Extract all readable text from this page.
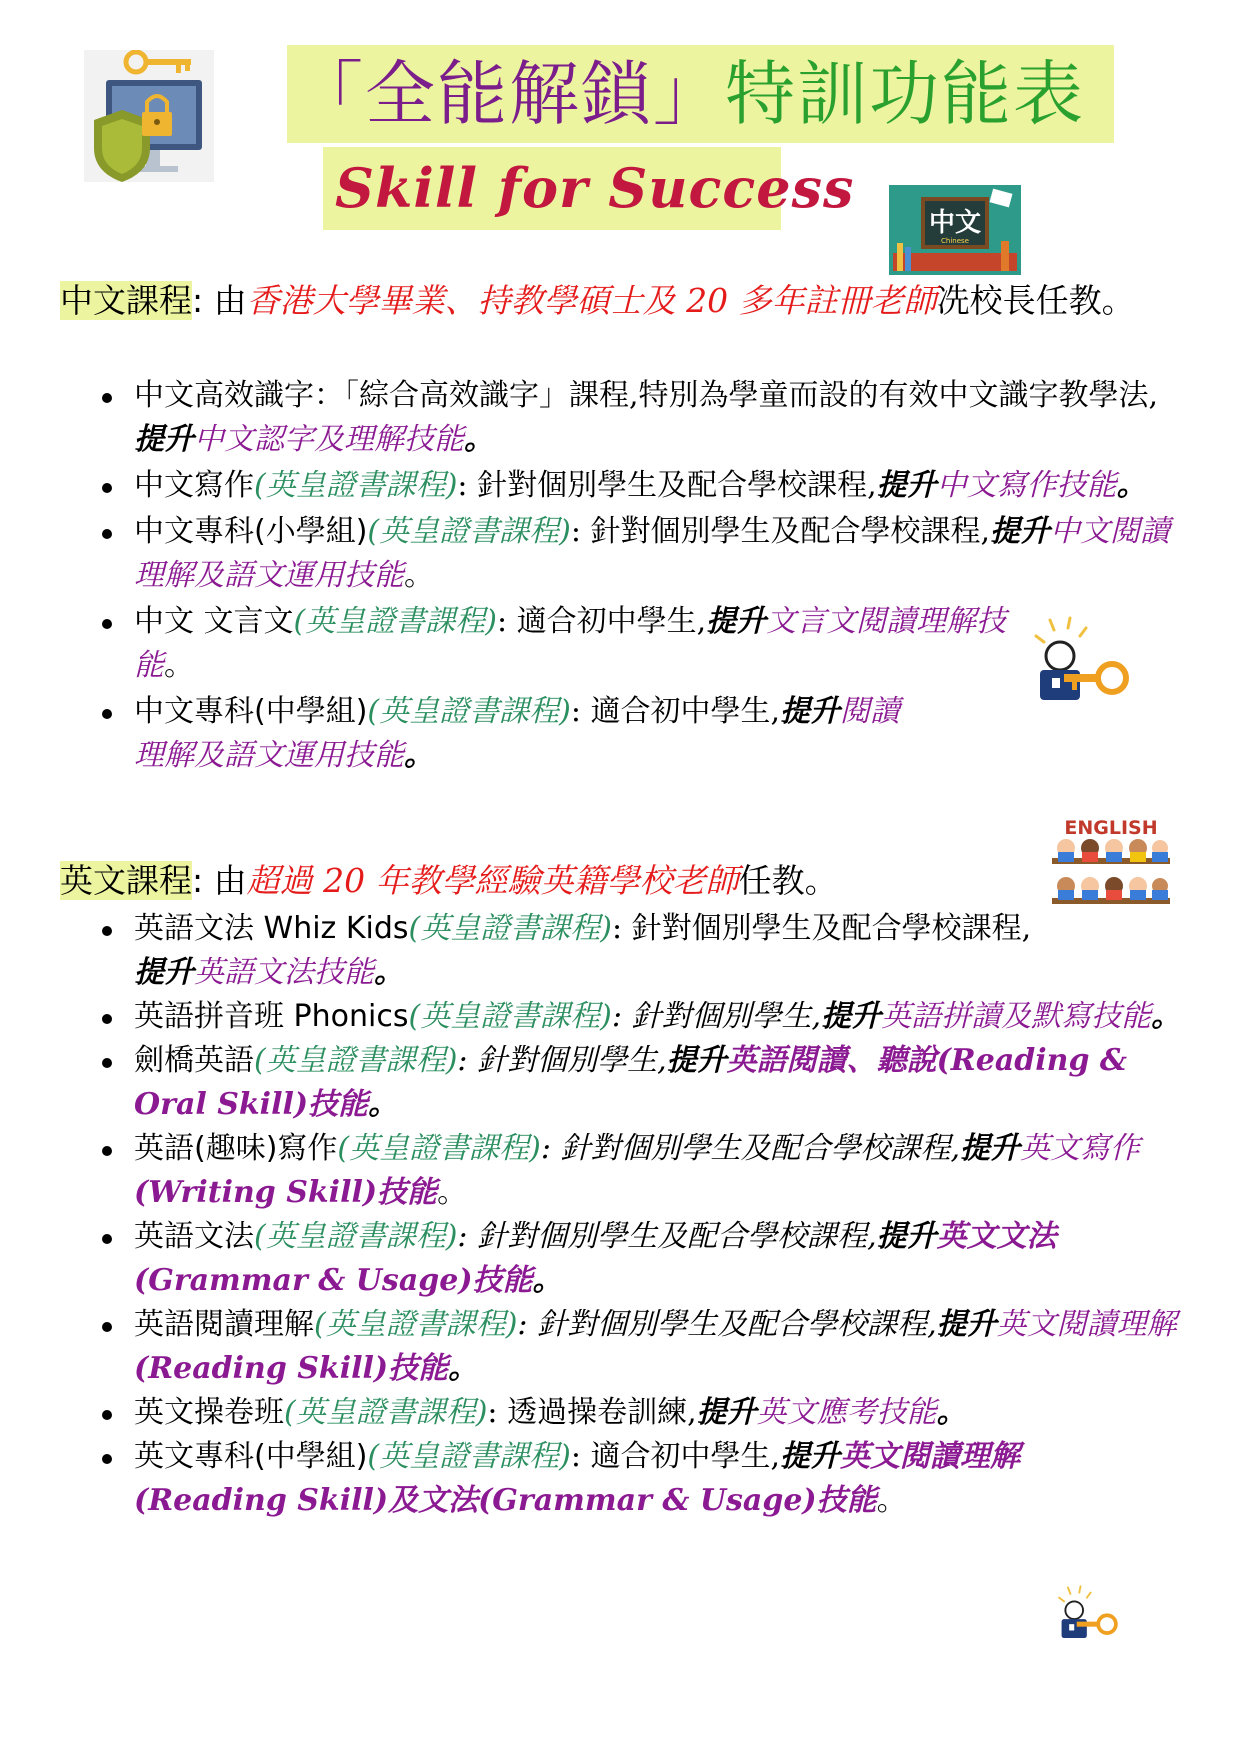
「全能解鎖」特訓功能表
Skill for Success
中文
Chinese
中文課程: 由香港大學畢業、持教學碩士及 20 多年註冊老師冼校長任教。
中文高效識字：「綜合高效識字」課程,特別為學童而設的有效中文識字教學法,提升中文認字及理解技能。
中文寫作(英皇證書課程): 針對個別學生及配合學校課程,提升中文寫作技能。
中文專科(小學組)(英皇證書課程): 針對個別學生及配合學校課程,提升中文閱讀理解及語文運用技能。
中文 文言文(英皇證書課程): 適合初中學生,提升文言文閱讀理解技能。
中文專科(中學組)(英皇證書課程): 適合初中學生,提升閱讀理解及語文運用技能。
ENGLISH
英文課程: 由超過 20 年教學經驗英籍學校老師任教。
英語文法 Whiz Kids(英皇證書課程): 針對個別學生及配合學校課程,提升英語文法技能。
英語拼音班 Phonics(英皇證書課程): 針對個別學生,提升英語拼讀及默寫技能。
劍橋英語(英皇證書課程): 針對個別學生,提升英語閱讀、聽說(Reading & Oral Skill)技能。
英語(趣味)寫作(英皇證書課程): 針對個別學生及配合學校課程,提升英文寫作
(Writing Skill)技能。
英語文法(英皇證書課程): 針對個別學生及配合學校課程,提升英文文法(Grammar & Usage)技能。
英語閱讀理解(英皇證書課程): 針對個別學生及配合學校課程,提升英文閱讀理解
(Reading Skill)技能。
英文操卷班(英皇證書課程): 透過操卷訓練,提升英文應考技能。
英文專科(中學組)(英皇證書課程): 適合初中學生,提升英文閱讀理解(Reading Skill)及文法(Grammar & Usage)技能。
